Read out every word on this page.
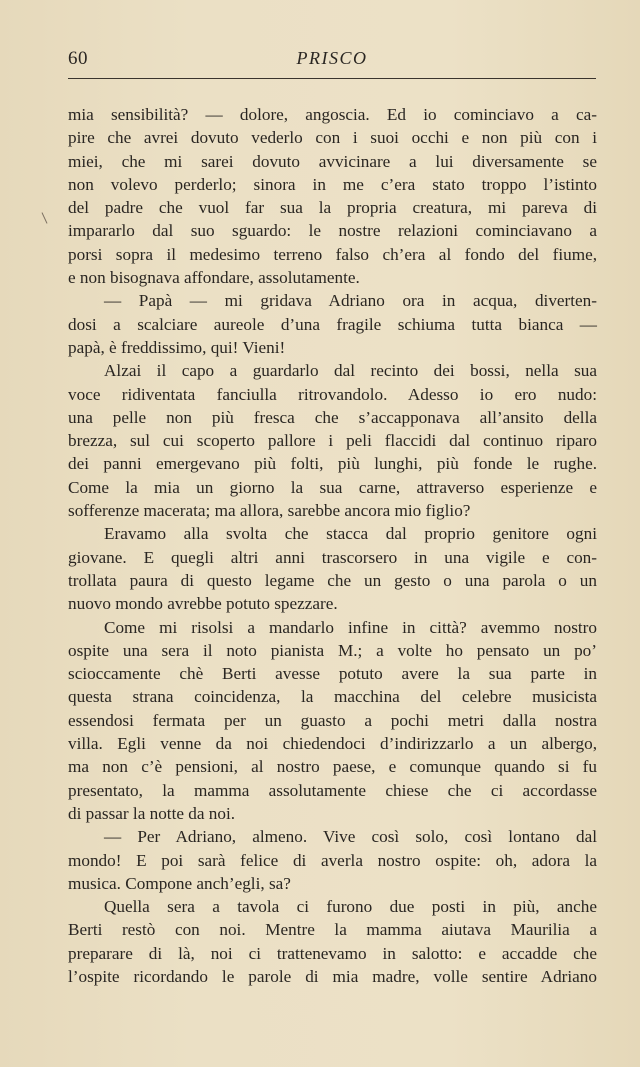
60	PRISCO
mia sensibilità? — dolore, angoscia. Ed io cominciavo a ca-
pire che avrei dovuto vederlo con i suoi occhi e non più con i
miei, che mi sarei dovuto avvicinare a lui diversamente se
non volevo perderlo; sinora in me c’era stato troppo l’istinto
del padre che vuol far sua la propria creatura, mi pareva di
impararlo dal suo sguardo: le nostre relazioni cominciavano a
porsi sopra il medesimo terreno falso ch’era al fondo del fiume,
e non bisognava affondare, assolutamente.
— Papà — mi gridava Adriano ora in acqua, diverten-
dosi a scalciare aureole d’una fragile schiuma tutta bianca —
papà, è freddissimo, qui! Vieni!
Alzai il capo a guardarlo dal recinto dei bossi, nella sua
voce ridiventata fanciulla ritrovandolo. Adesso io ero nudo:
una pelle non più fresca che s’accapponava all’ansito della
brezza, sul cui scoperto pallore i peli flaccidi dal continuo riparo
dei panni emergevano più folti, più lunghi, più fonde le rughe.
Come la mia un giorno la sua carne, attraverso esperienze e
sofferenze macerata; ma allora, sarebbe ancora mio figlio?
Eravamo alla svolta che stacca dal proprio genitore ogni
giovane. E quegli altri anni trascorsero in una vigile e con-
trollata paura di questo legame che un gesto o una parola o un
nuovo mondo avrebbe potuto spezzare.
Come mi risolsi a mandarlo infine in città? avemmo nostro
ospite una sera il noto pianista M.; a volte ho pensato un po’
scioccamente chè Berti avesse potuto avere la sua parte in
questa strana coincidenza, la macchina del celebre musicista
essendosi fermata per un guasto a pochi metri dalla nostra
villa. Egli venne da noi chiedendoci d’indirizzarlo a un albergo,
ma non c’è pensioni, al nostro paese, e comunque quando si fu
presentato, la mamma assolutamente chiese che ci accordasse
di passar la notte da noi.
— Per Adriano, almeno. Vive così solo, così lontano dal
mondo! E poi sarà felice di averla nostro ospite: oh, adora la
musica. Compone anch’egli, sa?
Quella sera a tavola ci furono due posti in più, anche
Berti restò con noi. Mentre la mamma aiutava Maurilia a
preparare di là, noi ci trattenevamo in salotto: e accadde che
l’ospite ricordando le parole di mia madre, volle sentire Adriano
